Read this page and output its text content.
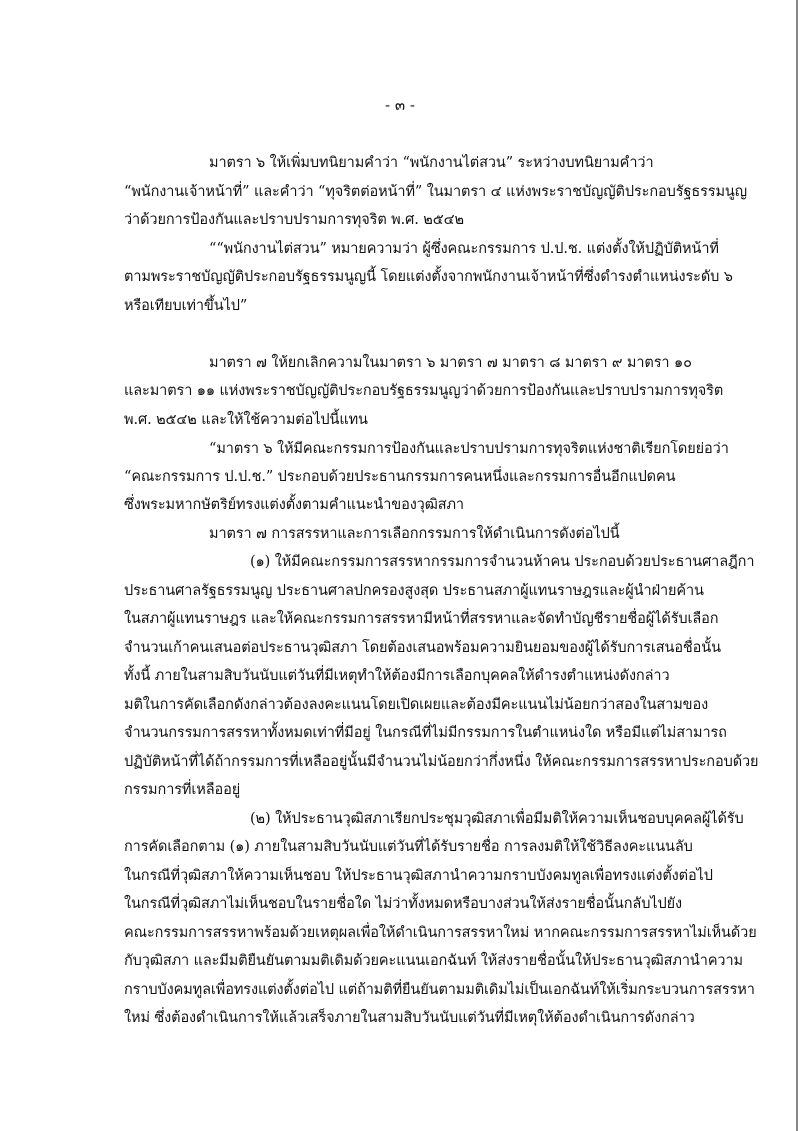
- ๓ -
มาตรา ๖ ให้เพิ่มบทนิยามคำว่า “พนักงานไต่สวน” ระหว่างบทนิยามคำว่า
“พนักงานเจ้าหน้าที่” และคำว่า “ทุจริตต่อหน้าที่” ในมาตรา ๔ แห่งพระราชบัญญัติประกอบรัฐธรรมนูญ
ว่าด้วยการป้องกันและปราบปรามการทุจริต พ.ศ. ๒๕๔๒
““พนักงานไต่สวน” หมายความว่า ผู้ซึ่งคณะกรรมการ ป.ป.ช. แต่งตั้งให้ปฏิบัติหน้าที่
ตามพระราชบัญญัติประกอบรัฐธรรมนูญนี้ โดยแต่งตั้งจากพนักงานเจ้าหน้าที่ซึ่งดำรงตำแหน่งระดับ ๖
หรือเทียบเท่าขึ้นไป”
มาตรา ๗ ให้ยกเลิกความในมาตรา ๖ มาตรา ๗ มาตรา ๘ มาตรา ๙ มาตรา ๑๐
และมาตรา ๑๑ แห่งพระราชบัญญัติประกอบรัฐธรรมนูญว่าด้วยการป้องกันและปราบปรามการทุจริต
พ.ศ. ๒๕๔๒ และให้ใช้ความต่อไปนี้แทน
“มาตรา ๖ ให้มีคณะกรรมการป้องกันและปราบปรามการทุจริตแห่งชาติเรียกโดยย่อว่า
“คณะกรรมการ ป.ป.ช.” ประกอบด้วยประธานกรรมการคนหนึ่งและกรรมการอื่นอีกแปดคน
ซึ่งพระมหากษัตริย์ทรงแต่งตั้งตามคำแนะนำของวุฒิสภา
มาตรา ๗ การสรรหาและการเลือกกรรมการให้ดำเนินการดังต่อไปนี้
(๑) ให้มีคณะกรรมการสรรหากรรมการจำนวนห้าคน ประกอบด้วยประธานศาลฎีกา
ประธานศาลรัฐธรรมนูญ ประธานศาลปกครองสูงสุด ประธานสภาผู้แทนราษฎรและผู้นำฝ่ายค้าน
ในสภาผู้แทนราษฎร และให้คณะกรรมการสรรหามีหน้าที่สรรหาและจัดทำบัญชีรายชื่อผู้ได้รับเลือก
จำนวนเก้าคนเสนอต่อประธานวุฒิสภา โดยต้องเสนอพร้อมความยินยอมของผู้ได้รับการเสนอชื่อนั้น
ทั้งนี้ ภายในสามสิบวันนับแต่วันที่มีเหตุทำให้ต้องมีการเลือกบุคคลให้ดำรงตำแหน่งดังกล่าว
มติในการคัดเลือกดังกล่าวต้องลงคะแนนโดยเปิดเผยและต้องมีคะแนนไม่น้อยกว่าสองในสามของ
จำนวนกรรมการสรรหาทั้งหมดเท่าที่มีอยู่ ในกรณีที่ไม่มีกรรมการในตำแหน่งใด หรือมีแต่ไม่สามารถ
ปฏิบัติหน้าที่ได้ถ้ากรรมการที่เหลืออยู่นั้นมีจำนวนไม่น้อยกว่ากึ่งหนึ่ง ให้คณะกรรมการสรรหาประกอบด้วย
กรรมการที่เหลืออยู่
(๒) ให้ประธานวุฒิสภาเรียกประชุมวุฒิสภาเพื่อมีมติให้ความเห็นชอบบุคคลผู้ได้รับ
การคัดเลือกตาม (๑) ภายในสามสิบวันนับแต่วันที่ได้รับรายชื่อ การลงมติให้ใช้วิธีลงคะแนนลับ
ในกรณีที่วุฒิสภาให้ความเห็นชอบ ให้ประธานวุฒิสภานำความกราบบังคมทูลเพื่อทรงแต่งตั้งต่อไป
ในกรณีที่วุฒิสภาไม่เห็นชอบในรายชื่อใด ไม่ว่าทั้งหมดหรือบางส่วนให้ส่งรายชื่อนั้นกลับไปยัง
คณะกรรมการสรรหาพร้อมด้วยเหตุผลเพื่อให้ดำเนินการสรรหาใหม่ หากคณะกรรมการสรรหาไม่เห็นด้วย
กับวุฒิสภา และมีมติยืนยันตามมติเดิมด้วยคะแนนเอกฉันท์ ให้ส่งรายชื่อนั้นให้ประธานวุฒิสภานำความ
กราบบังคมทูลเพื่อทรงแต่งตั้งต่อไป แต่ถ้ามติที่ยืนยันตามมติเดิมไม่เป็นเอกฉันท์ให้เริ่มกระบวนการสรรหา
ใหม่ ซึ่งต้องดำเนินการให้แล้วเสร็จภายในสามสิบวันนับแต่วันที่มีเหตุให้ต้องดำเนินการดังกล่าว
